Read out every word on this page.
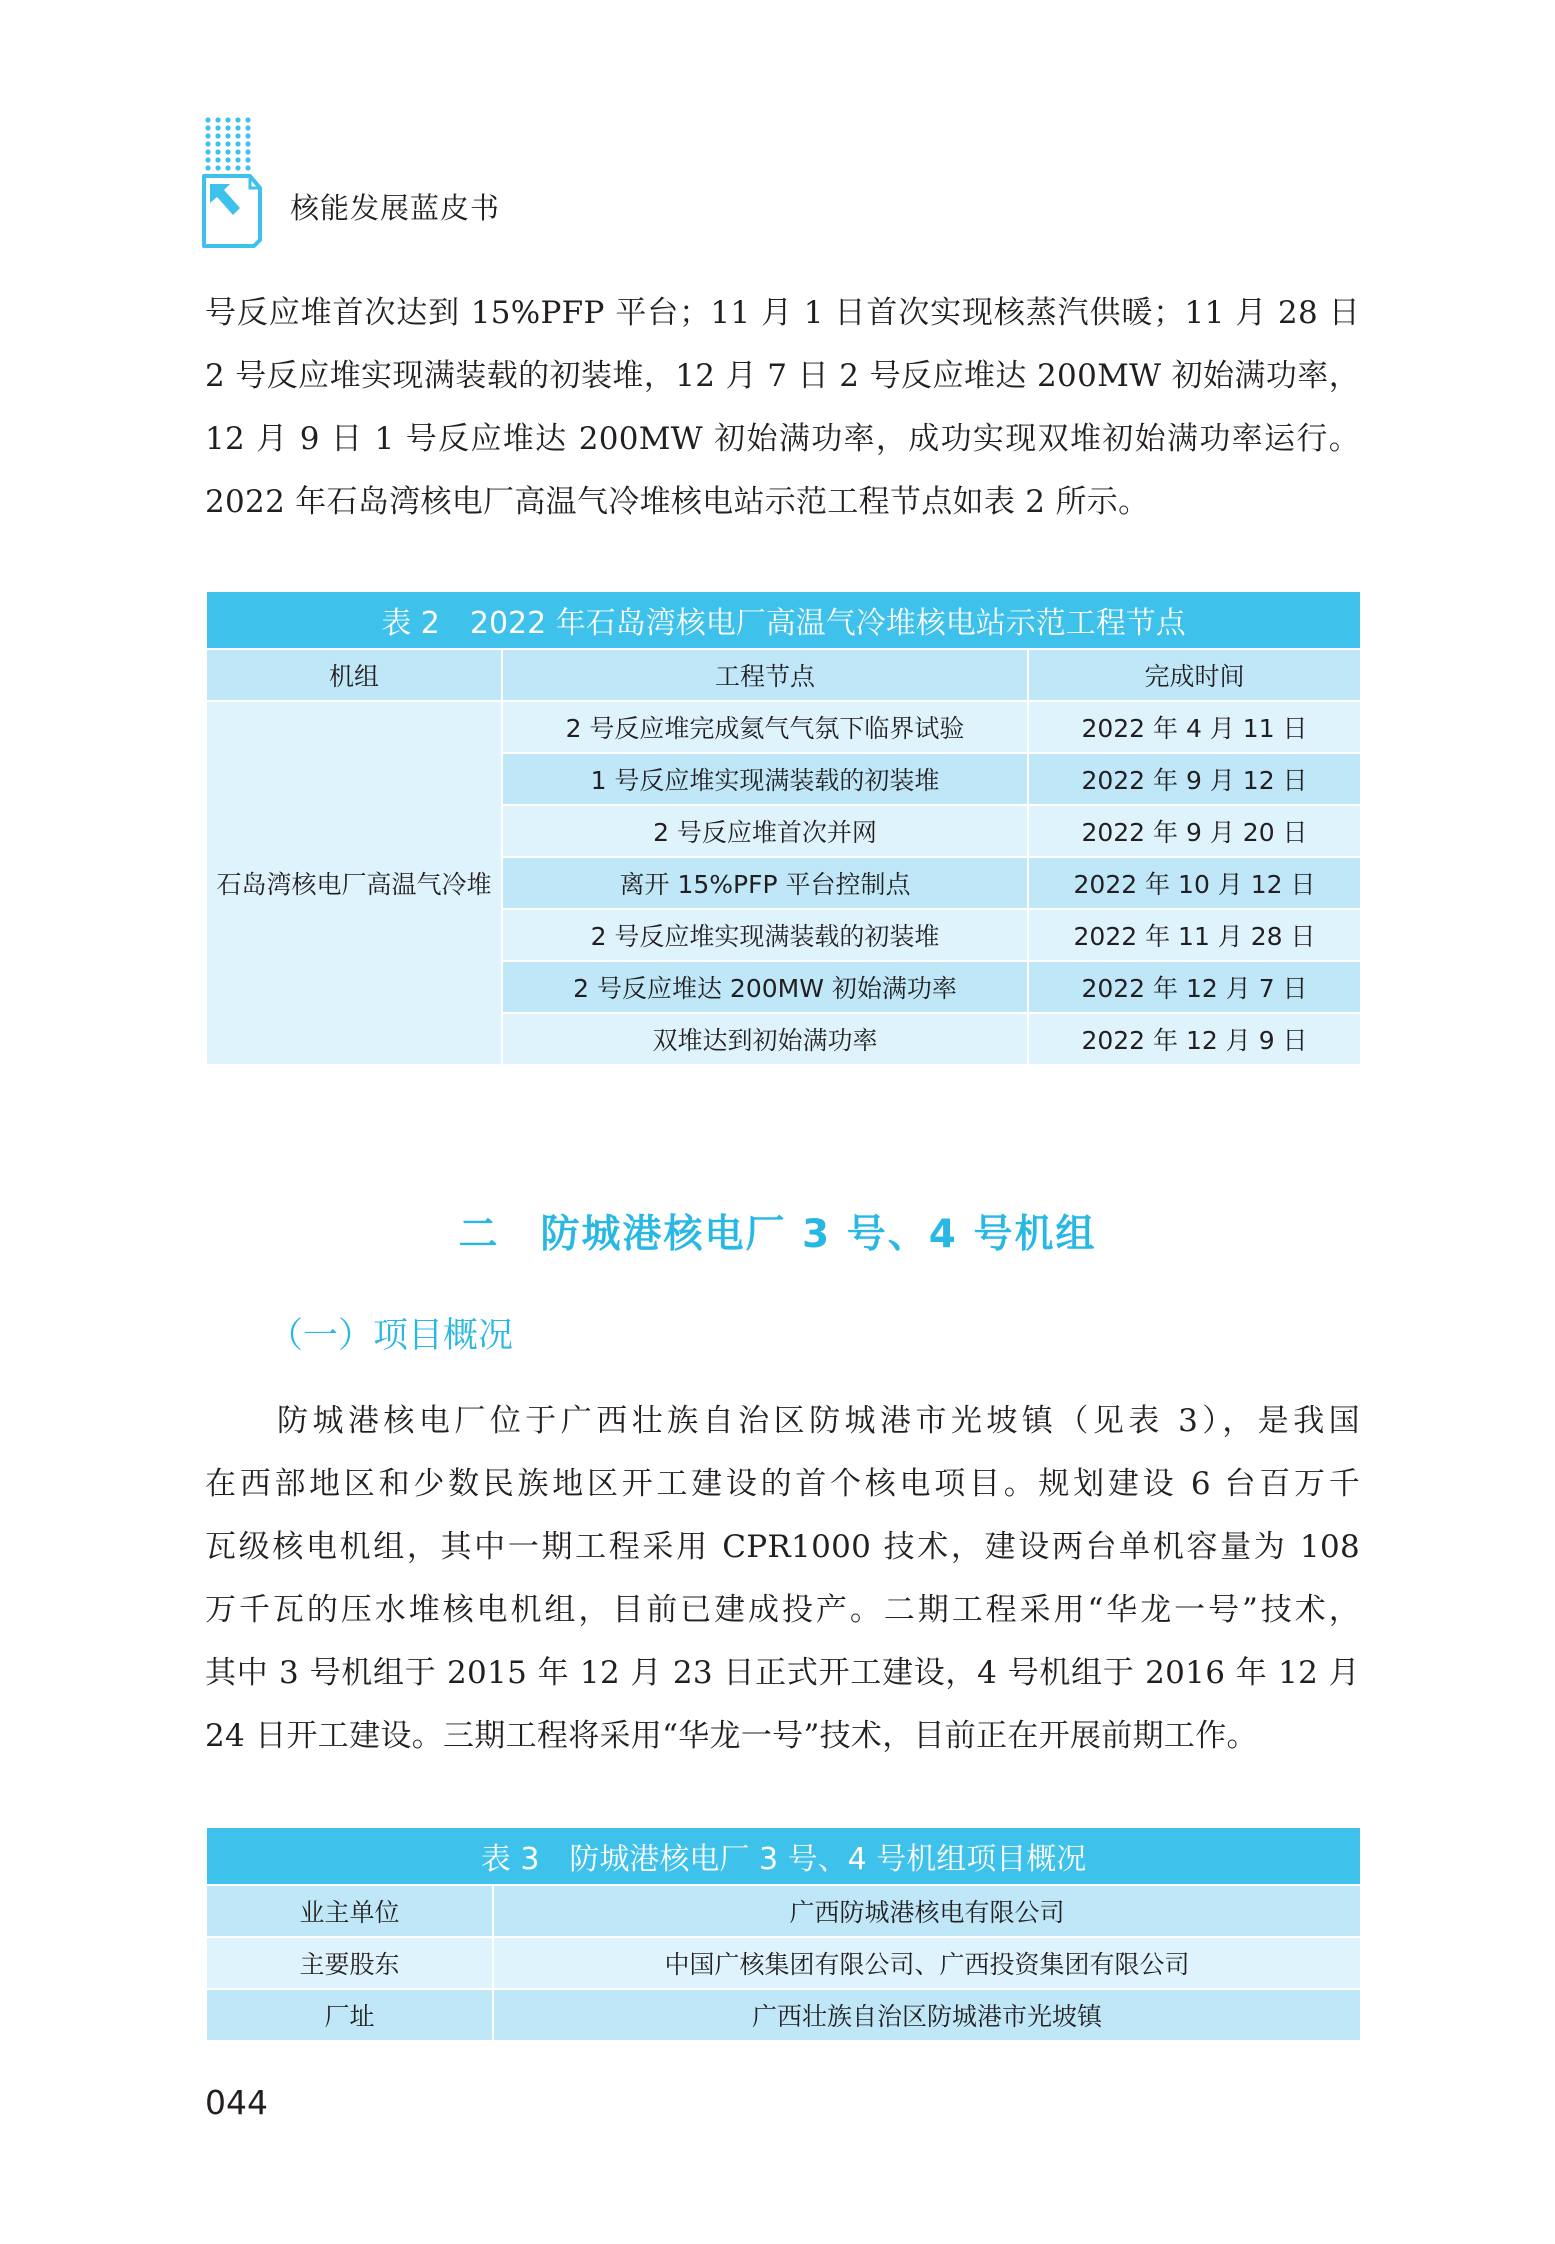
核能发展蓝皮书

号反应堆首次达到 15%PFP 平台；11 月 1 日首次实现核蒸汽供暖；11 月 28 日

2 号反应堆实现满装载的初装堆，12 月 7 日 2 号反应堆达 200MW 初始满功率，

12 月 9 日 1 号反应堆达 200MW 初始满功率，成功实现双堆初始满功率运行。

2022 年石岛湾核电厂高温气冷堆核电站示范工程节点如表 2 所示。

表 2　2022 年石岛湾核电厂高温气冷堆核电站示范工程节点		
机组	工程节点	完成时间
石岛湾核电厂高温气冷堆	2 号反应堆完成氦气气氛下临界试验	2022 年 4 月 11 日
	1 号反应堆实现满装载的初装堆	2022 年 9 月 12 日
	2 号反应堆首次并网	2022 年 9 月 20 日
	离开 15%PFP 平台控制点	2022 年 10 月 12 日
	2 号反应堆实现满装载的初装堆	2022 年 11 月 28 日
	2 号反应堆达 200MW 初始满功率	2022 年 12 月 7 日
	双堆达到初始满功率	2022 年 12 月 9 日
二　防城港核电厂 3 号、4 号机组
（一）项目概况

防城港核电厂位于广西壮族自治区防城港市光坡镇（见表 3），是我国

在西部地区和少数民族地区开工建设的首个核电项目。规划建设 6 台百万千

瓦级核电机组，其中一期工程采用 CPR1000 技术，建设两台单机容量为 108

万千瓦的压水堆核电机组，目前已建成投产。二期工程采用“华龙一号”技术，

其中 3 号机组于 2015 年 12 月 23 日正式开工建设，4 号机组于 2016 年 12 月

24 日开工建设。三期工程将采用“华龙一号”技术，目前正在开展前期工作。

表 3　防城港核电厂 3 号、4 号机组项目概况	
业主单位	广西防城港核电有限公司
主要股东	中国广核集团有限公司、广西投资集团有限公司
厂址	广西壮族自治区防城港市光坡镇
044
